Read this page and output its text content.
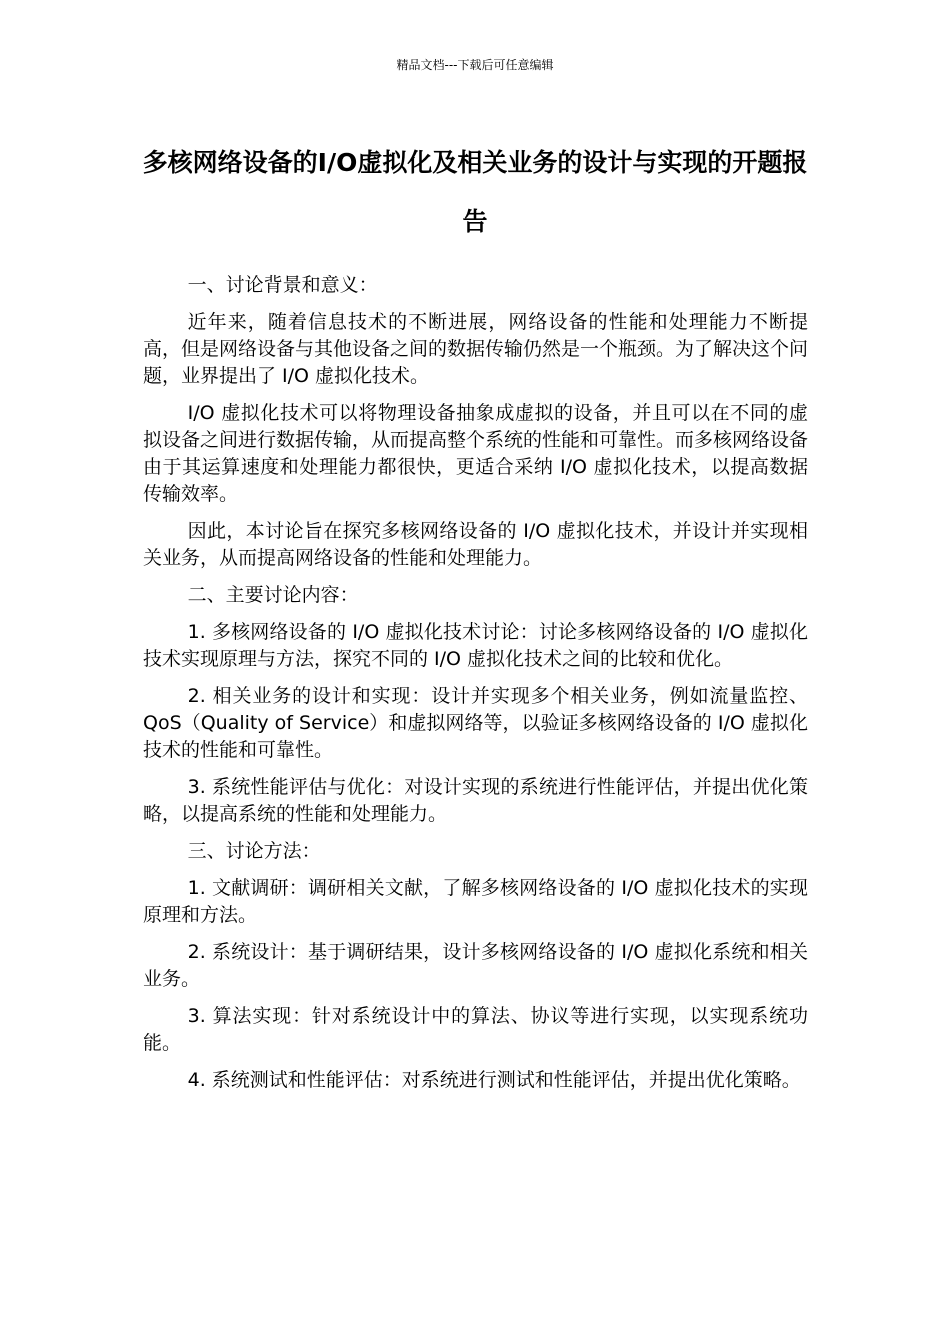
精品文档---下载后可任意编辑
多核网络设备的I/O虚拟化及相关业务的设计与实现的开题报告

一、讨论背景和意义：

近年来，随着信息技术的不断进展，网络设备的性能和处理能力不断提高，但是网络设备与其他设备之间的数据传输仍然是一个瓶颈。为了解决这个问题，业界提出了 I/O 虚拟化技术。

I/O 虚拟化技术可以将物理设备抽象成虚拟的设备，并且可以在不同的虚拟设备之间进行数据传输，从而提高整个系统的性能和可靠性。而多核网络设备由于其运算速度和处理能力都很快，更适合采纳 I/O 虚拟化技术，以提高数据传输效率。

因此，本讨论旨在探究多核网络设备的 I/O 虚拟化技术，并设计并实现相关业务，从而提高网络设备的性能和处理能力。

二、主要讨论内容：

1. 多核网络设备的 I/O 虚拟化技术讨论：讨论多核网络设备的 I/O 虚拟化技术实现原理与方法，探究不同的 I/O 虚拟化技术之间的比较和优化。

2. 相关业务的设计和实现：设计并实现多个相关业务，例如流量监控、QoS（Quality of Service）和虚拟网络等，以验证多核网络设备的 I/O 虚拟化技术的性能和可靠性。

3. 系统性能评估与优化：对设计实现的系统进行性能评估，并提出优化策略，以提高系统的性能和处理能力。

三、讨论方法：

1. 文献调研：调研相关文献，了解多核网络设备的 I/O 虚拟化技术的实现原理和方法。

2. 系统设计：基于调研结果，设计多核网络设备的 I/O 虚拟化系统和相关业务。

3. 算法实现：针对系统设计中的算法、协议等进行实现，以实现系统功能。

4. 系统测试和性能评估：对系统进行测试和性能评估，并提出优化策略。
